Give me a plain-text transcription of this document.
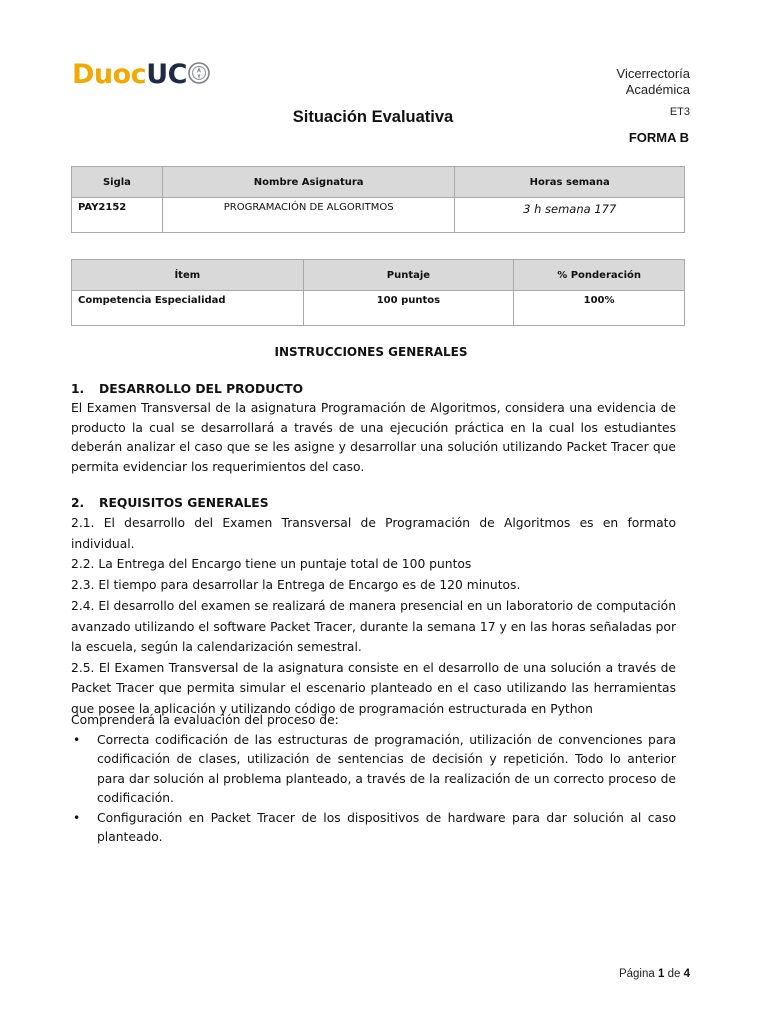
Duoc UC	Vicerrectoría
Académica
ET3
Situación Evaluativa
FORMA B
Sigla	Nombre Asignatura	Horas semana
PAY2152	PROGRAMACIÓN DE ALGORITMOS	3 h semana 177
Ítem	Puntaje	% Ponderación
Competencia Especialidad	100 puntos	100%
INSTRUCCIONES GENERALES
1. DESARROLLO DEL PRODUCTO
El Examen Transversal de la asignatura Programación de Algoritmos, considera una evidencia de producto la cual se desarrollará a través de una ejecución práctica en la cual los estudiantes deberán analizar el caso que se les asigne y desarrollar una solución utilizando Packet Tracer que permita evidenciar los requerimientos del caso.
2. REQUISITOS GENERALES

2.1. El desarrollo del Examen Transversal de Programación de Algoritmos es en formato individual.

2.2. La Entrega del Encargo tiene un puntaje total de 100 puntos

2.3. El tiempo para desarrollar la Entrega de Encargo es de 120 minutos.

2.4. El desarrollo del examen se realizará de manera presencial en un laboratorio de computación avanzado utilizando el software Packet Tracer, durante la semana 17 y en las horas señaladas por la escuela, según la calendarización semestral.

2.5. El Examen Transversal de la asignatura consiste en el desarrollo de una solución a través de Packet Tracer que permita simular el escenario planteado en el caso utilizando las herramientas que posee la aplicación y utilizando código de programación estructurada en Python

Comprenderá la evaluación del proceso de:
• Correcta codificación de las estructuras de programación, utilización de convenciones para codificación de clases, utilización de sentencias de decisión y repetición. Todo lo anterior para dar solución al problema planteado, a través de la realización de un correcto proceso de codificación.
• Configuración en Packet Tracer de los dispositivos de hardware para dar solución al caso planteado.
Página 1 de 4
